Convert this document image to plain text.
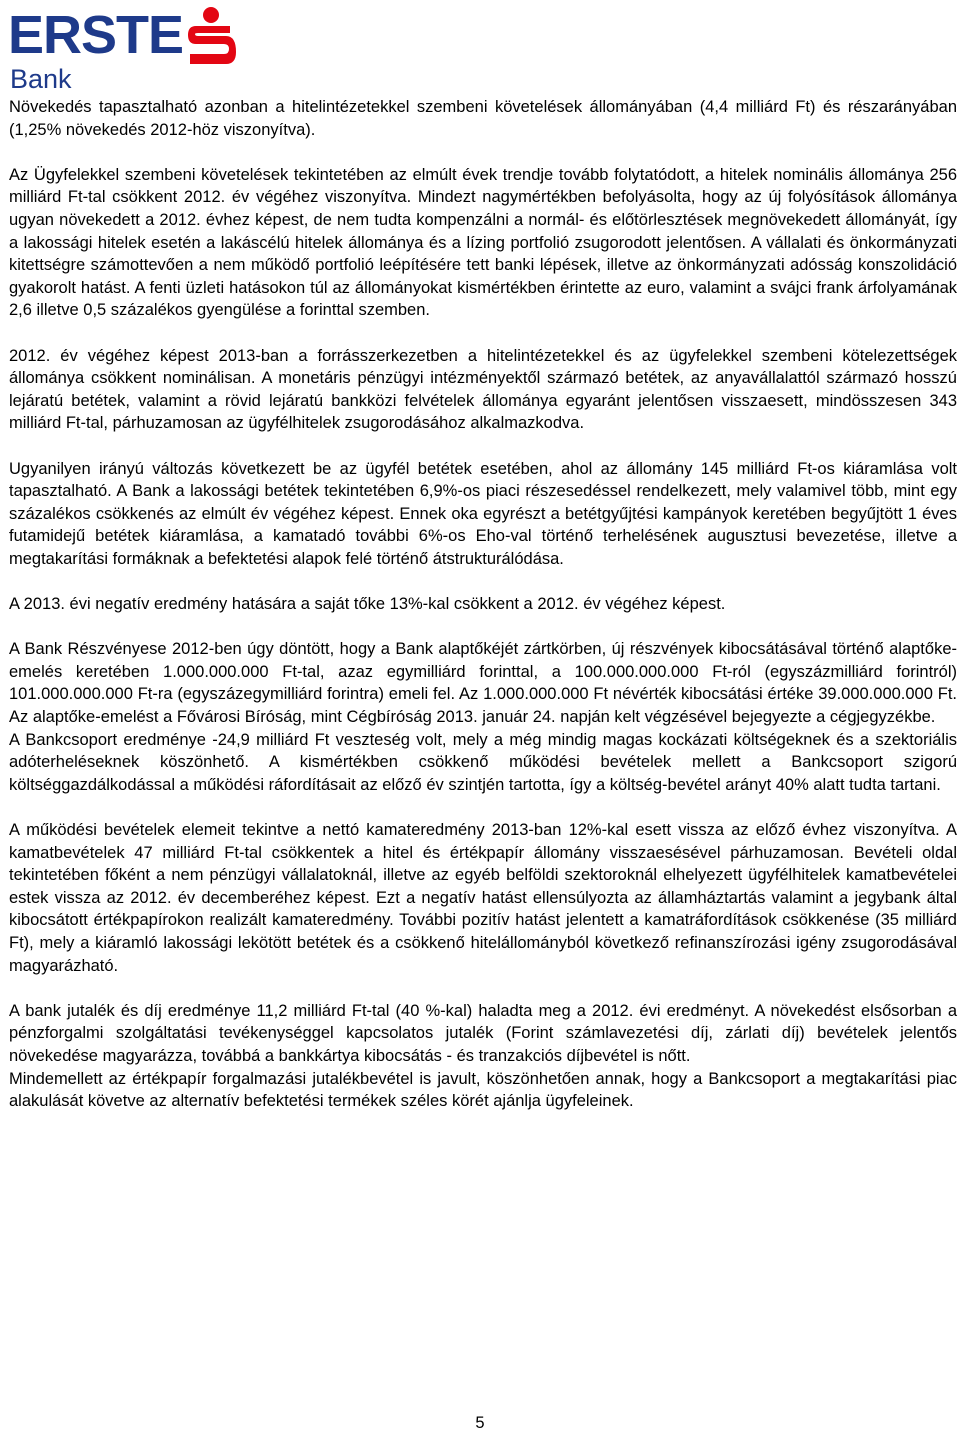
ERSTE
Bank

Növekedés tapasztalható azonban a hitelintézetekkel szembeni követelések állományában (4,4 milliárd Ft) és részarányában (1,25% növekedés 2012-höz viszonyítva).

Az Ügyfelekkel szembeni követelések tekintetében az elmúlt évek trendje tovább folytatódott, a hitelek nominális állománya 256 milliárd Ft-tal csökkent 2012. év végéhez viszonyítva. Mindezt nagymértékben befolyásolta, hogy az új folyósítások állománya ugyan növekedett a 2012. évhez képest, de nem tudta kompenzálni a normál- és előtörlesztések megnövekedett állományát, így a lakossági hitelek esetén a lakáscélú hitelek állománya és a lízing portfolió zsugorodott jelentősen. A vállalati és önkormányzati kitettségre számottevően a nem működő portfolió leépítésére tett banki lépések, illetve az önkormányzati adósság konszolidáció gyakorolt hatást. A fenti üzleti hatásokon túl az állományokat kismértékben érintette az euro, valamint a svájci frank árfolyamának 2,6 illetve 0,5 százalékos gyengülése a forinttal szemben.

2012. év végéhez képest 2013-ban a forrásszerkezetben a hitelintézetekkel és az ügyfelekkel szembeni kötelezettségek állománya csökkent nominálisan. A monetáris pénzügyi intézményektől származó betétek, az anyavállalattól származó hosszú lejáratú betétek, valamint a rövid lejáratú bankközi felvételek állománya egyaránt jelentősen visszaesett, mindösszesen 343 milliárd Ft-tal, párhuzamosan az ügyfélhitelek zsugorodásához alkalmazkodva.

Ugyanilyen irányú változás következett be az ügyfél betétek esetében, ahol az állomány 145 milliárd Ft-os kiáramlása volt tapasztalható. A Bank a lakossági betétek tekintetében 6,9%-os piaci részesedéssel rendelkezett, mely valamivel több, mint egy százalékos csökkenés az elmúlt év végéhez képest. Ennek oka egyrészt a betétgyűjtési kampányok keretében begyűjtött 1 éves futamidejű betétek kiáramlása, a kamatadó további 6%-os Eho-val történő terhelésének augusztusi bevezetése, illetve a megtakarítási formáknak a befektetési alapok felé történő átstrukturálódása.

A 2013. évi negatív eredmény hatására a saját tőke 13%-kal csökkent a 2012. év végéhez képest.

A Bank Részvényese 2012-ben úgy döntött, hogy a Bank alaptőkéjét zártkörben, új részvények kibocsátásával történő alaptőke-emelés keretében 1.000.000.000 Ft-tal, azaz egymilliárd forinttal, a 100.000.000.000 Ft-ról (egyszázmilliárd forintról) 101.000.000.000 Ft-ra (egyszázegymilliárd forintra) emeli fel. Az 1.000.000.000 Ft névérték kibocsátási értéke 39.000.000.000 Ft. Az alaptőke-emelést a Fővárosi Bíróság, mint Cégbíróság 2013. január 24. napján kelt végzésével bejegyezte a cégjegyzékbe.

A Bankcsoport eredménye -24,9 milliárd Ft veszteség volt, mely a még mindig magas kockázati költségeknek és a szektoriális adóterheléseknek köszönhető. A kismértékben csökkenő működési bevételek mellett a Bankcsoport szigorú költséggazdálkodással a működési ráfordításait az előző év szintjén tartotta, így a költség-bevétel arányt 40% alatt tudta tartani.

A működési bevételek elemeit tekintve a nettó kamateredmény 2013-ban 12%-kal esett vissza az előző évhez viszonyítva. A kamatbevételek 47 milliárd Ft-tal csökkentek a hitel és értékpapír állomány visszaesésével párhuzamosan. Bevételi oldal tekintetében főként a nem pénzügyi vállalatoknál, illetve az egyéb belföldi szektoroknál elhelyezett ügyfélhitelek kamatbevételei estek vissza az 2012. év decemberéhez képest. Ezt a negatív hatást ellensúlyozta az államháztartás valamint a jegybank által kibocsátott értékpapírokon realizált kamateredmény. További pozitív hatást jelentett a kamatráfordítások csökkenése (35 milliárd Ft), mely a kiáramló lakossági lekötött betétek és a csökkenő hitelállományból következő refinanszírozási igény zsugorodásával magyarázható.

A bank jutalék és díj eredménye 11,2 milliárd Ft-tal (40 %-kal) haladta meg a 2012. évi eredményt. A növekedést elsősorban a pénzforgalmi szolgáltatási tevékenységgel kapcsolatos jutalék (Forint számlavezetési díj, zárlati díj) bevételek jelentős növekedése magyarázza, továbbá a bankkártya kibocsátás - és tranzakciós díjbevétel is nőtt.

Mindemellett az értékpapír forgalmazási jutalékbevétel is javult, köszönhetően annak, hogy a Bankcsoport a megtakarítási piac alakulását követve az alternatív befektetési termékek széles körét ajánlja ügyfeleinek.

5
